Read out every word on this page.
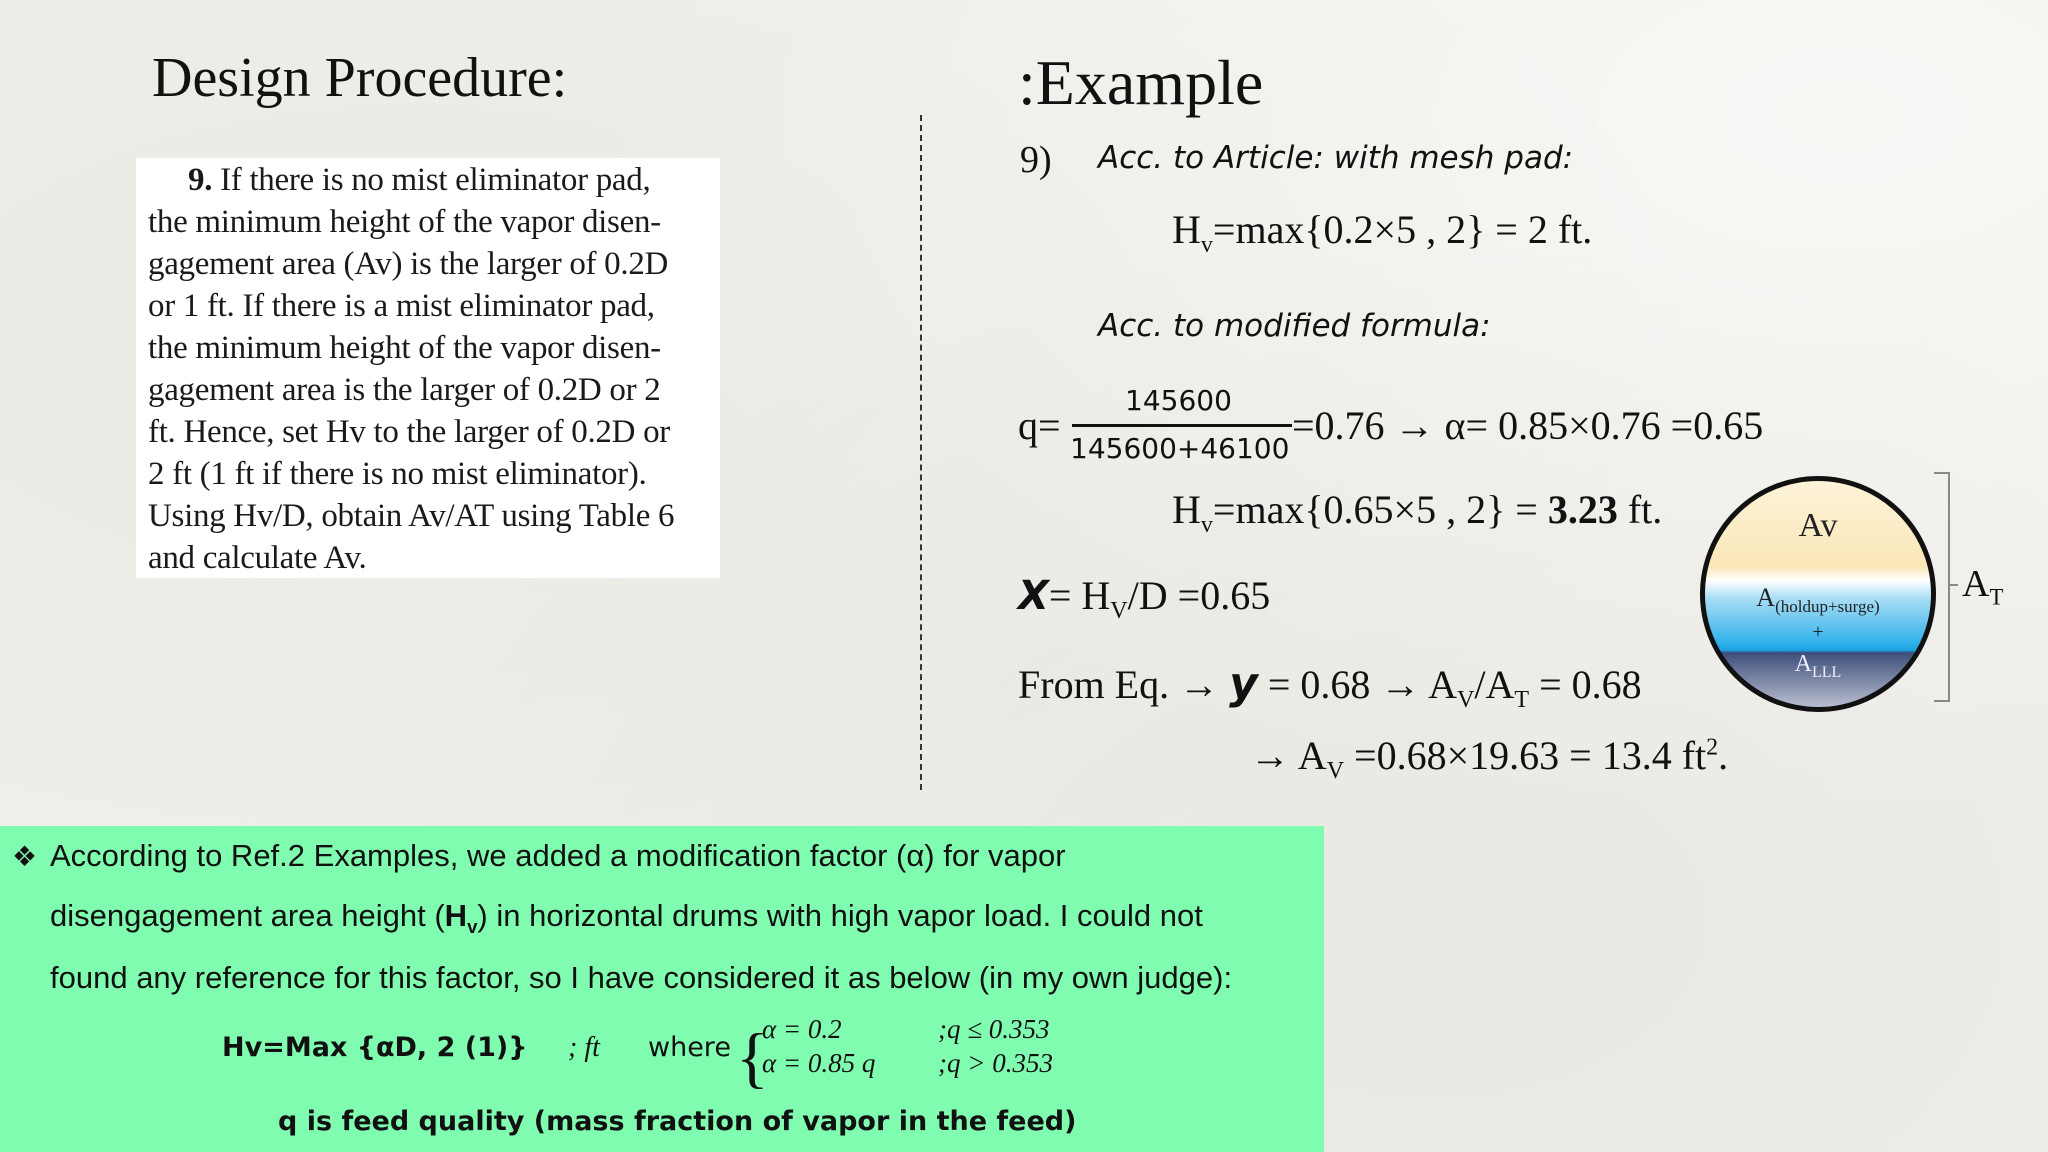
Design Procedure:
9. If there is no mist eliminator pad,
the minimum height of the vapor disen-
gagement area (Av) is the larger of 0.2D
or 1 ft. If there is a mist eliminator pad,
the minimum height of the vapor disen-
gagement area is the larger of 0.2D or 2
ft. Hence, set Hv to the larger of 0.2D or
2 ft (1 ft if there is no mist eliminator).
Using Hv/D, obtain Av/AT using Table 6
and calculate Av.
:Example
9) Acc. to Article: with mesh pad:
$H_v=\max\{0.2\times 5$ , 2} = 2 ft.
Acc. to modified formula:
q=
145600
145600+46100
=0.76 → α= 0.85×0.76 =0.65
$H_v=\max\{0.65\times 5$ , 2} = 3.23 ft.
$X= H_V/D =0.65$
From Eq. → $y = 0.68 \to A_V/A_T = 0.68$
→ $A_V =0.68\times 19.63 = 13.4$ $ft^2$.
Av
$A_{(holdup+surge)}$
+
$A_{LLL}$
$A_T$
❖ According to Ref.2 Examples, we added a modification factor (α) for vapor
disengagement area height $(H_v)$ in horizontal drums with high vapor load. I could not
found any reference for this factor, so I have considered it as below (in my own judge):
Hv=Max {αD, 2 (1)} ; ft where {
α = 0.2	;q ≤ 0.353
α = 0.85 q ;q > 0.353
q is feed quality (mass fraction of vapor in the feed)
